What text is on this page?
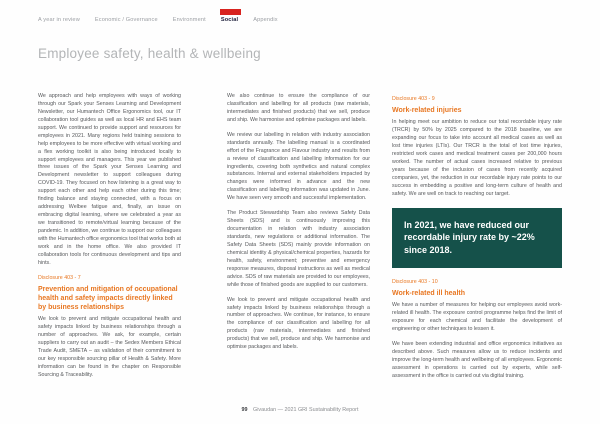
A year in review	Economic / Governance	Environment	Social	Appendix
Employee safety, health & wellbeing

We approach and help employees with ways of working through our Spark your Senses Learning and Development Newsletter, our Humantech Office Ergonomics tool, our IT collaboration tool guides as well as local HR and EHS team support. We continued to provide support and resources for employees in 2021. Many regions held training sessions to help employees to be more effective with virtual working and a flex working toolkit is also being introduced locally to support employees and managers. This year we published three issues of the Spark your Senses Learning and Development newsletter to support colleagues during COVID-19. They focused on how listening is a great way to support each other and help each other during this time; finding balance and staying connected, with a focus on addressing Welbee fatigue and, finally, an issue on embracing digital learning, where we celebrated a year as we transitioned to remote/virtual learning because of the pandemic. In addition, we continue to support our colleagues with the Humantech office ergonomics tool that works both at work and in the home office. We also provided IT collaboration tools for continuous development and tips and hints.

Disclosure 403 - 7
Prevention and mitigation of occupational health and safety impacts directly linked by business relationships

We look to prevent and mitigate occupational health and safety impacts linked by business relationships through a number of approaches. We ask, for example, certain suppliers to carry out an audit – the Sedex Members Ethical Trade Audit, SMETA – as validation of their commitment to our key responsible sourcing pillar of Health & Safety. More information can be found in the chapter on Responsible Sourcing & Traceability.

We also continue to ensure the compliance of our classification and labelling for all products (raw materials, intermediates and finished products) that we sell, produce and ship. We harmonise and optimise packages and labels.

We review our labelling in relation with industry association standards annually. The labelling manual is a coordinated effort of the Fragrance and Flavour industry and results from a review of classification and labelling information for our ingredients, covering both synthetics and natural complex substances. Internal and external stakeholders impacted by changes were informed in advance and the new classification and labelling information was updated in June. We have seen very smooth and successful implementation.

The Product Stewardship Team also reviews Safety Data Sheets (SDS) and is continuously improving this documentation in relation with industry association standards, new regulations or additional information. The Safety Data Sheets (SDS) mainly provide information on chemical identity & physical/chemical properties, hazards for health, safety, environment; preventive and emergency response measures, disposal instructions as well as medical advice. SDS of raw materials are provided to our employees, while those of finished goods are supplied to our customers.

We look to prevent and mitigate occupational health and safety impacts linked by business relationships through a number of approaches. We continue, for instance, to ensure the compliance of our classification and labelling for all products (raw materials, intermediates and finished products) that we sell, produce and ship. We harmonise and optimise packages and labels.

Disclosure 403 - 9
Work-related injuries

In helping meet our ambition to reduce our total recordable injury rate (TRCR) by 50% by 2025 compared to the 2018 baseline, we are expanding our focus to take into account all medical cases as well as lost time injuries (LTIs). Our TRCR is the total of lost time injuries, restricted work cases and medical treatment cases per 200,000 hours worked. The number of actual cases increased relative to previous years because of the inclusion of cases from recently acquired companies, yet, the reduction in our recordable injury rate points to our success in embedding a positive and long-term culture of health and safety. We are well on track to reaching our target.

In 2021, we have reduced our recordable injury rate by ~22% since 2018.

Disclosure 403 - 10
Work-related ill health

We have a number of measures for helping our employees avoid work-related ill health. The exposure control programme helps find the limit of exposure for each chemical and facilitate the development of engineering or other techniques to lessen it.

We have been extending industrial and office ergonomics initiatives as described above. Such measures allow us to reduce incidents and improve the long-term health and wellbeing of all employees. Ergonomic assessment in operations is carried out by experts, while self-assessment in the office is carried out via digital training.

99 Givaudan — 2021 GRI Sustainability Report
